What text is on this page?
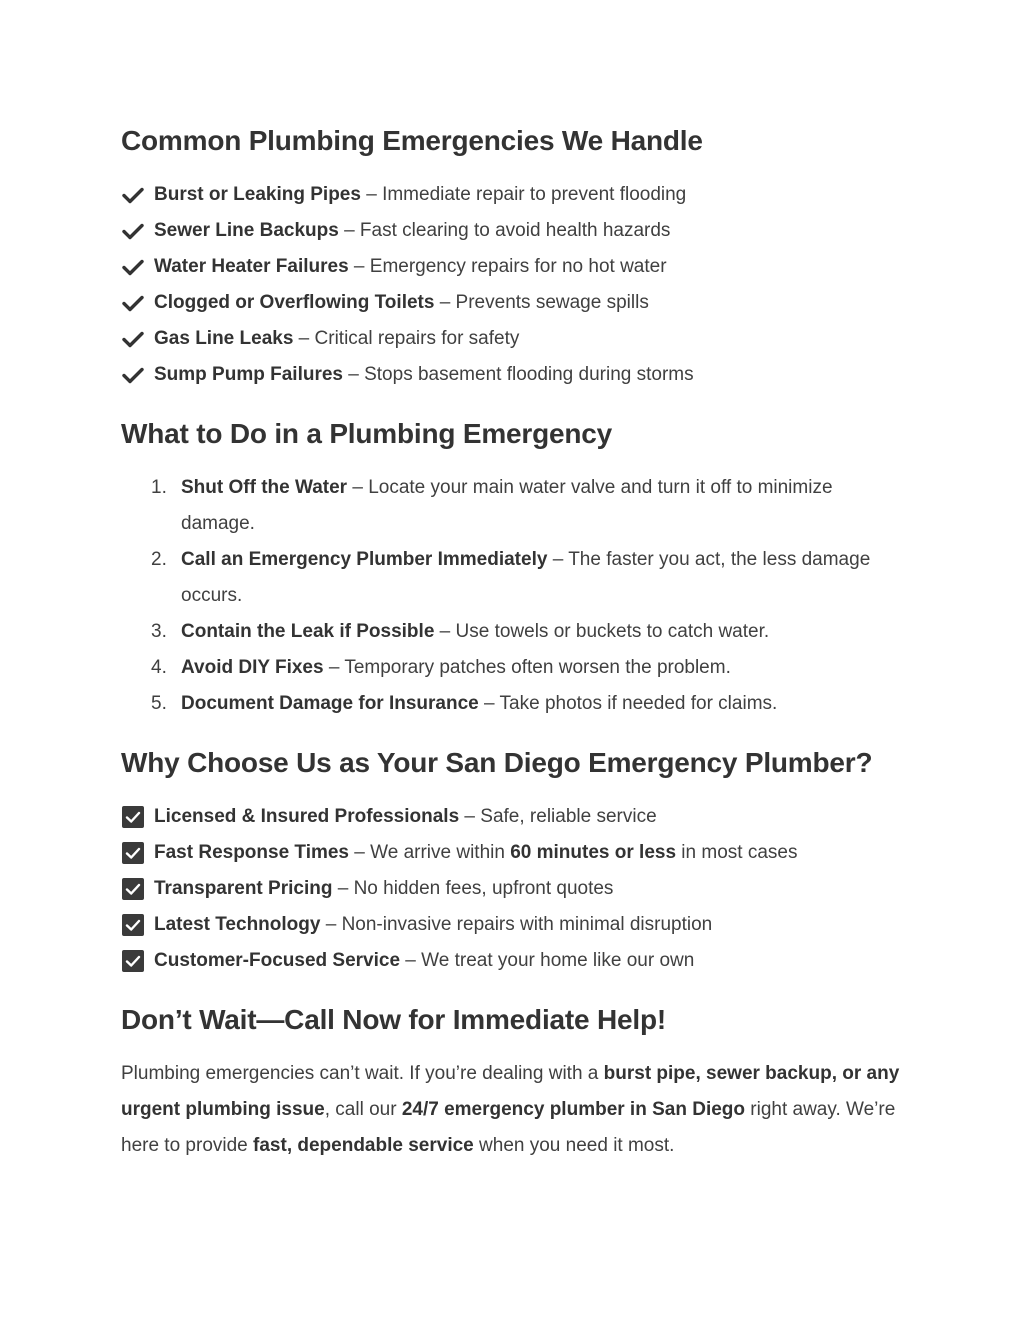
Common Plumbing Emergencies We Handle
Burst or Leaking Pipes – Immediate repair to prevent flooding
Sewer Line Backups – Fast clearing to avoid health hazards
Water Heater Failures – Emergency repairs for no hot water
Clogged or Overflowing Toilets – Prevents sewage spills
Gas Line Leaks – Critical repairs for safety
Sump Pump Failures – Stops basement flooding during storms
What to Do in a Plumbing Emergency
1. Shut Off the Water – Locate your main water valve and turn it off to minimize damage.
2. Call an Emergency Plumber Immediately – The faster you act, the less damage occurs.
3. Contain the Leak if Possible – Use towels or buckets to catch water.
4. Avoid DIY Fixes – Temporary patches often worsen the problem.
5. Document Damage for Insurance – Take photos if needed for claims.
Why Choose Us as Your San Diego Emergency Plumber?
Licensed & Insured Professionals – Safe, reliable service
Fast Response Times – We arrive within 60 minutes or less in most cases
Transparent Pricing – No hidden fees, upfront quotes
Latest Technology – Non-invasive repairs with minimal disruption
Customer-Focused Service – We treat your home like our own
Don’t Wait—Call Now for Immediate Help!

Plumbing emergencies can’t wait. If you’re dealing with a burst pipe, sewer backup, or any urgent plumbing issue, call our 24/7 emergency plumber in San Diego right away. We’re here to provide fast, dependable service when you need it most.
